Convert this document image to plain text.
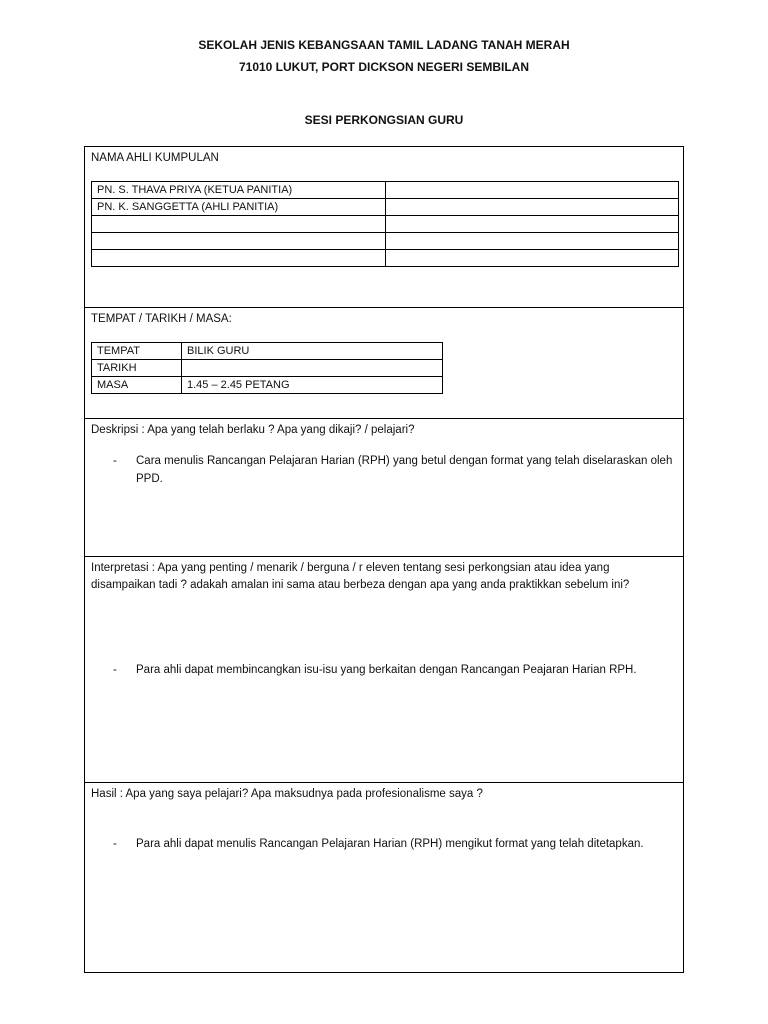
SEKOLAH JENIS KEBANGSAAN TAMIL LADANG TANAH MERAH
71010 LUKUT, PORT DICKSON NEGERI SEMBILAN
SESI PERKONGSIAN GURU
NAMA AHLI KUMPULAN
PN. S. THAVA PRIYA (KETUA PANITIA)	
PN. K. SANGGETTA (AHLI PANITIA)	

TEMPAT / TARIKH / MASA:
TEMPAT	BILIK GURU
TARIKH	
MASA	1.45 – 2.45 PETANG
Deskripsi : Apa yang telah berlaku ? Apa yang dikaji? / pelajari?
- Cara menulis Rancangan Pelajaran Harian (RPH) yang betul dengan format yang telah diselaraskan oleh PPD.
Interpretasi : Apa yang penting / menarik / berguna / r eleven tentang sesi perkongsian atau idea yang disampaikan tadi ? adakah amalan ini sama atau berbeza dengan apa yang anda praktikkan sebelum ini?
- Para ahli dapat membincangkan isu-isu yang berkaitan dengan Rancangan Peajaran Harian RPH.
Hasil : Apa yang saya pelajari? Apa maksudnya pada profesionalisme saya ?
- Para ahli dapat menulis Rancangan Pelajaran Harian (RPH) mengikut format yang telah ditetapkan.
